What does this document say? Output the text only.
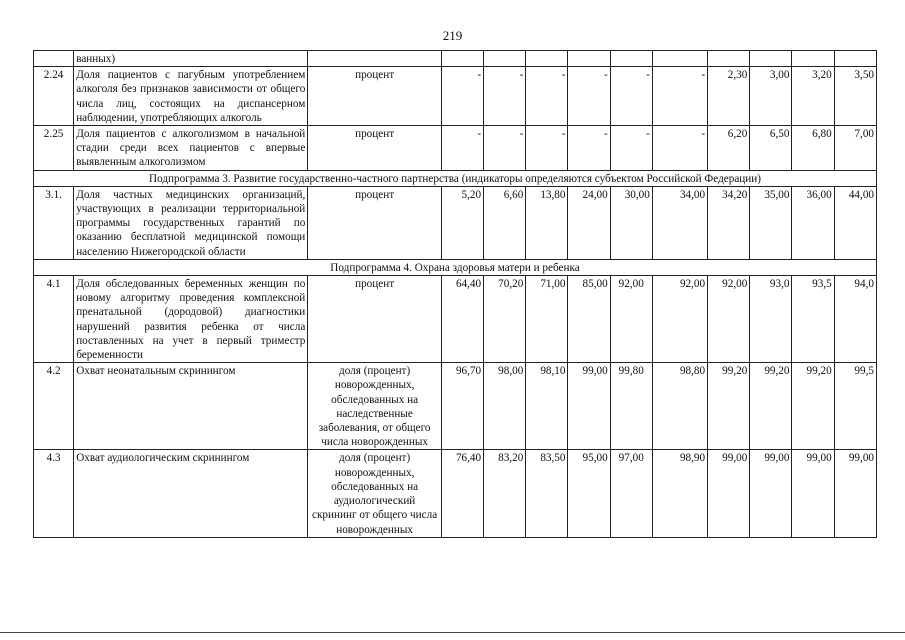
219
	ванных)											
2.24	Доля пациентов с пагубным употреблением алкоголя без признаков зависимости от общего числа лиц, состоящих на диспансерном наблюдении, употребляющих алкоголь	процент	-	-	-	-	-	-	2,30	3,00	3,20	3,50
2.25	Доля пациентов с алкоголизмом в начальной стадии среди всех пациентов с впервые выявленным алкоголизмом	процент	-	-	-	-	-	-	6,20	6,50	6,80	7,00
Подпрограмма 3. Развитие государственно-частного партнерства (индикаторы определяются субъектом Российской Федерации)												
3.1.	Доля частных медицинских организаций, участвующих в реализации территориальной программы государственных гарантий по оказанию бесплатной медицинской помощи населению Нижегородской области	процент	5,20	6,60	13,80	24,00	30,00	34,00	34,20	35,00	36,00	44,00
Подпрограмма 4. Охрана здоровья матери и ребенка												
4.1	Доля обследованных беременных женщин по новому алгоритму проведения комплексной пренатальной (дородовой) диагностики нарушений развития ребенка от числа поставленных на учет в первый триместр беременности	процент	64,40	70,20	71,00	85,00	92,00	92,00	92,00	93,0	93,5	94,0
4.2	Охват неонатальным скринингом	доля (процент) новорожденных, обследованных на наследственные заболевания, от общего числа новорожденных	96,70	98,00	98,10	99,00	99,80	98,80	99,20	99,20	99,20	99,5
4.3	Охват аудиологическим скринингом	доля (процент) новорожденных, обследованных на аудиологический скрининг от общего числа новорожденных	76,40	83,20	83,50	95,00	97,00	98,90	99,00	99,00	99,00	99,00
